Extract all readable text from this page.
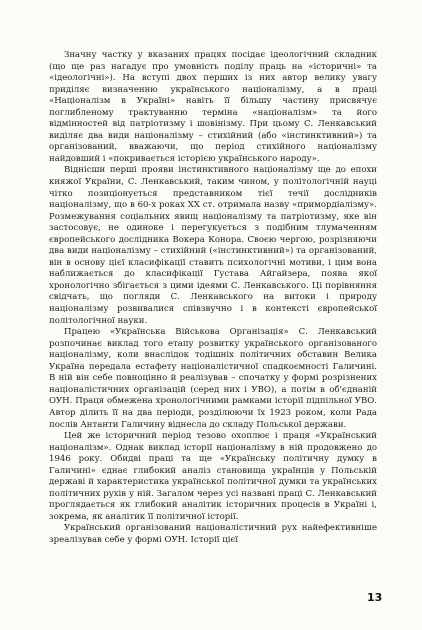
Значну частку у вказаних працях посідає ідеологічний складник (що ще раз нагадує про умовність поділу праць на «історичні» та «ідеологічні»). На вступі двох перших із них автор велику увагу приділяє визначенню українського націоналізму, а в праці «Націоналізм в Україні» навіть її більшу частину присвячує поглибленому трактуванню терміна «націоналізм» та його відмінностей від патріотизму і шовінізму. При цьому С. Ленкавський виділяє два види націоналізму – стихійний (або «інстинктивний») та організований, вважаючи, що період стихійного націоналізму найдовший і «покривається історією українського народу».

Віднісши перші прояви інстинктивного націоналізму ще до епохи княжої України, С. Ленкавський, таким чином, у політологічній науці чітко позиціонується представником тієї течії дослідників націоналізму, що в 60-х роках XX ст. отримала назву «примордіалізму». Розмежування соціальних явищ націоналізму та патріотизму, яке він застосовує, не одиноке і перегукується з подібним тлумаченням європейського дослідника Вокера Конора. Своєю чергою, розрізняючи два види націоналізму – стихійний («інстинктивний») та організований, він в основу цієї класифікації ставить психологічні мотиви, і цим вона наближається до класифікації Густава Айгайзера, поява якої хронологічно збігається з цими ідеями С. Ленкавського. Ці порівняння свідчать, що погляди С. Ленкавського на витоки і природу націоналізму розвивалися співзвучно і в контексті європейської політологічної науки.

Працею «Українська Військова Організація» С. Ленкавський розпочинає виклад того етапу розвитку українського організованого націоналізму, коли внаслідок тодішніх політичних обставин Велика Україна передала естафету націоналістичної спадкоємності Галичині. В ній він себе повноцінно й реалізував – спочатку у формі розрізнених націоналістичних організацій (серед них і УВО), а потім в об'єднаній ОУН. Праця обмежена хронологічними рамками історії підпільної УВО. Автор ділить її на два періоди, розділюючи їх 1923 роком, коли Рада послів Антанти Галичину віднесла до складу Польської держави.

Цей же історичний період тезово охоплює і праця «Український націоналізм». Однак виклад історії націоналізму в ній продовжено до 1946 року. Обидві праці та ще «Українську політичну думку в Галичині» єднає глибокий аналіз становища українців у Польській державі й характеристика української політичної думки та українських політичних рухів у ній. Загалом через усі названі праці С. Ленкавський проглядається як глибокий аналітик історичних процесів в Україні і, зокрема, як аналітик її політичної історії.

Український організований націоналістичний рух найефективніше зреалізував себе у формі ОУН. Історії цієї

13
